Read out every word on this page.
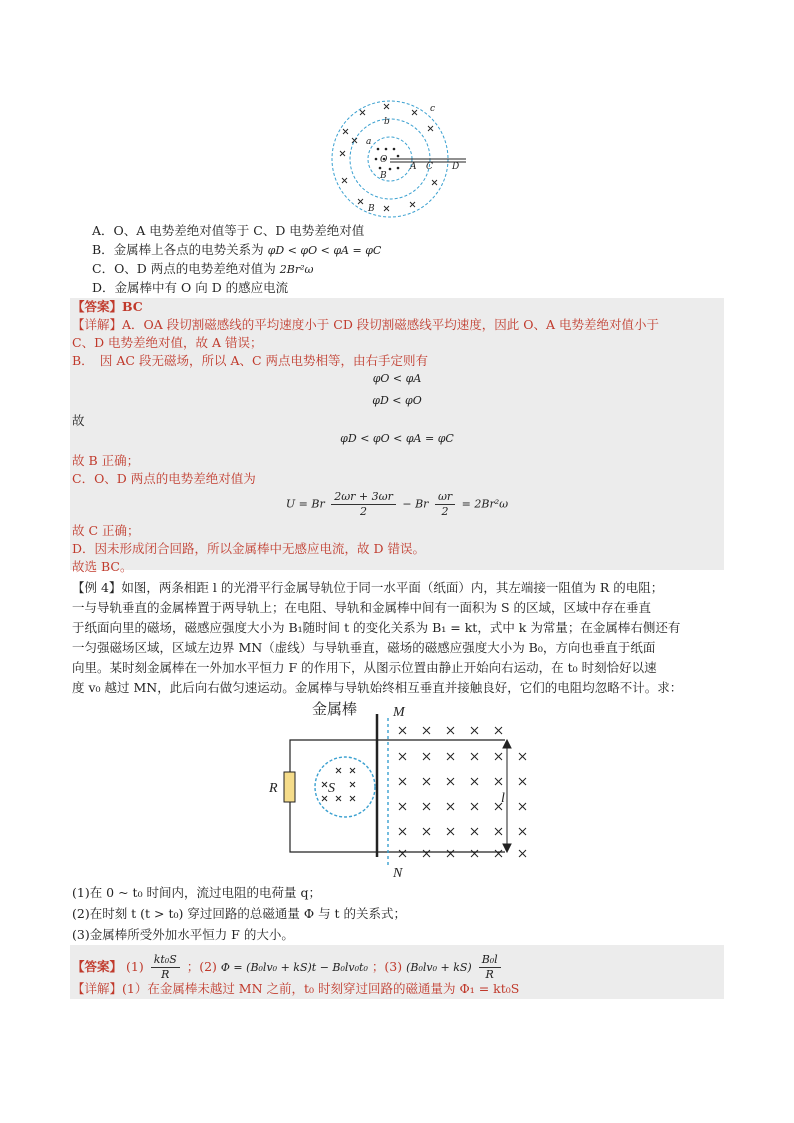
a
b
c
O
A C D
B
B
A．O、A 电势差绝对值等于 C、D 电势差绝对值
B．金属棒上各点的电势关系为 φD < φO < φA = φC
C．O、D 两点的电势差绝对值为 2Br²ω
D．金属棒中有 O 向 D 的感应电流
【答案】BC
【详解】A．OA 段切割磁感线的平均速度小于 CD 段切割磁感线平均速度，因此 O、A 电势差绝对值小于
C、D 电势差绝对值，故 A 错误；
B．　因 AC 段无磁场，所以 A、C 两点电势相等，由右手定则有
φO < φA
φD < φO
故
φD < φO < φA = φC
故 B 正确；
C．O、D 两点的电势差绝对值为
U = Br $\frac{2\omega r + 3\omega r}{2} - Br \frac{\omega r}{2} = 2Br^2\omega$
故 C 正确；
D．因未形成闭合回路，所以金属棒中无感应电流，故 D 错误。
故选 BC。
【例 4】如图，两条相距 l 的光滑平行金属导轨位于同一水平面（纸面）内，其左端接一阻值为 R 的电阻；
一与导轨垂直的金属棒置于两导轨上；在电阻、导轨和金属棒中间有一面积为 S 的区域，区域中存在垂直
于纸面向里的磁场，磁感应强度大小为 B₁随时间 t 的变化关系为 B₁ = kt，式中 k 为常量；在金属棒右侧还有
一匀强磁场区域，区域左边界 MN（虚线）与导轨垂直，磁场的磁感应强度大小为 B₀，方向也垂直于纸面
向里。某时刻金属棒在一外加水平恒力 F 的作用下，从图示位置由静止开始向右运动，在 t₀ 时刻恰好以速
度 v₀ 越过 MN，此后向右做匀速运动。金属棒与导轨始终相互垂直并接触良好，它们的电阻均忽略不计。求：
金属棒	M
N
R	S
l
(1)在 0 ~ t₀ 时间内，流过电阻的电荷量 q；
(2)在时刻 t (t > t₀) 穿过回路的总磁通量 Φ 与 t 的关系式；
(3)金属棒所受外加水平恒力 F 的大小。
【答案】 $(1) \frac{\text{kt₀S}}{R}$ ；(2) Φ = (B₀lv₀ + kS)t − B₀lv₀t₀ ；(3) $(B_0lv_0 + kS) \frac{\text{B₀l}}{R}$
【详解】(1）在金属棒未越过 MN 之前，t₀ 时刻穿过回路的磁通量为 Φ₁ = kt₀S
